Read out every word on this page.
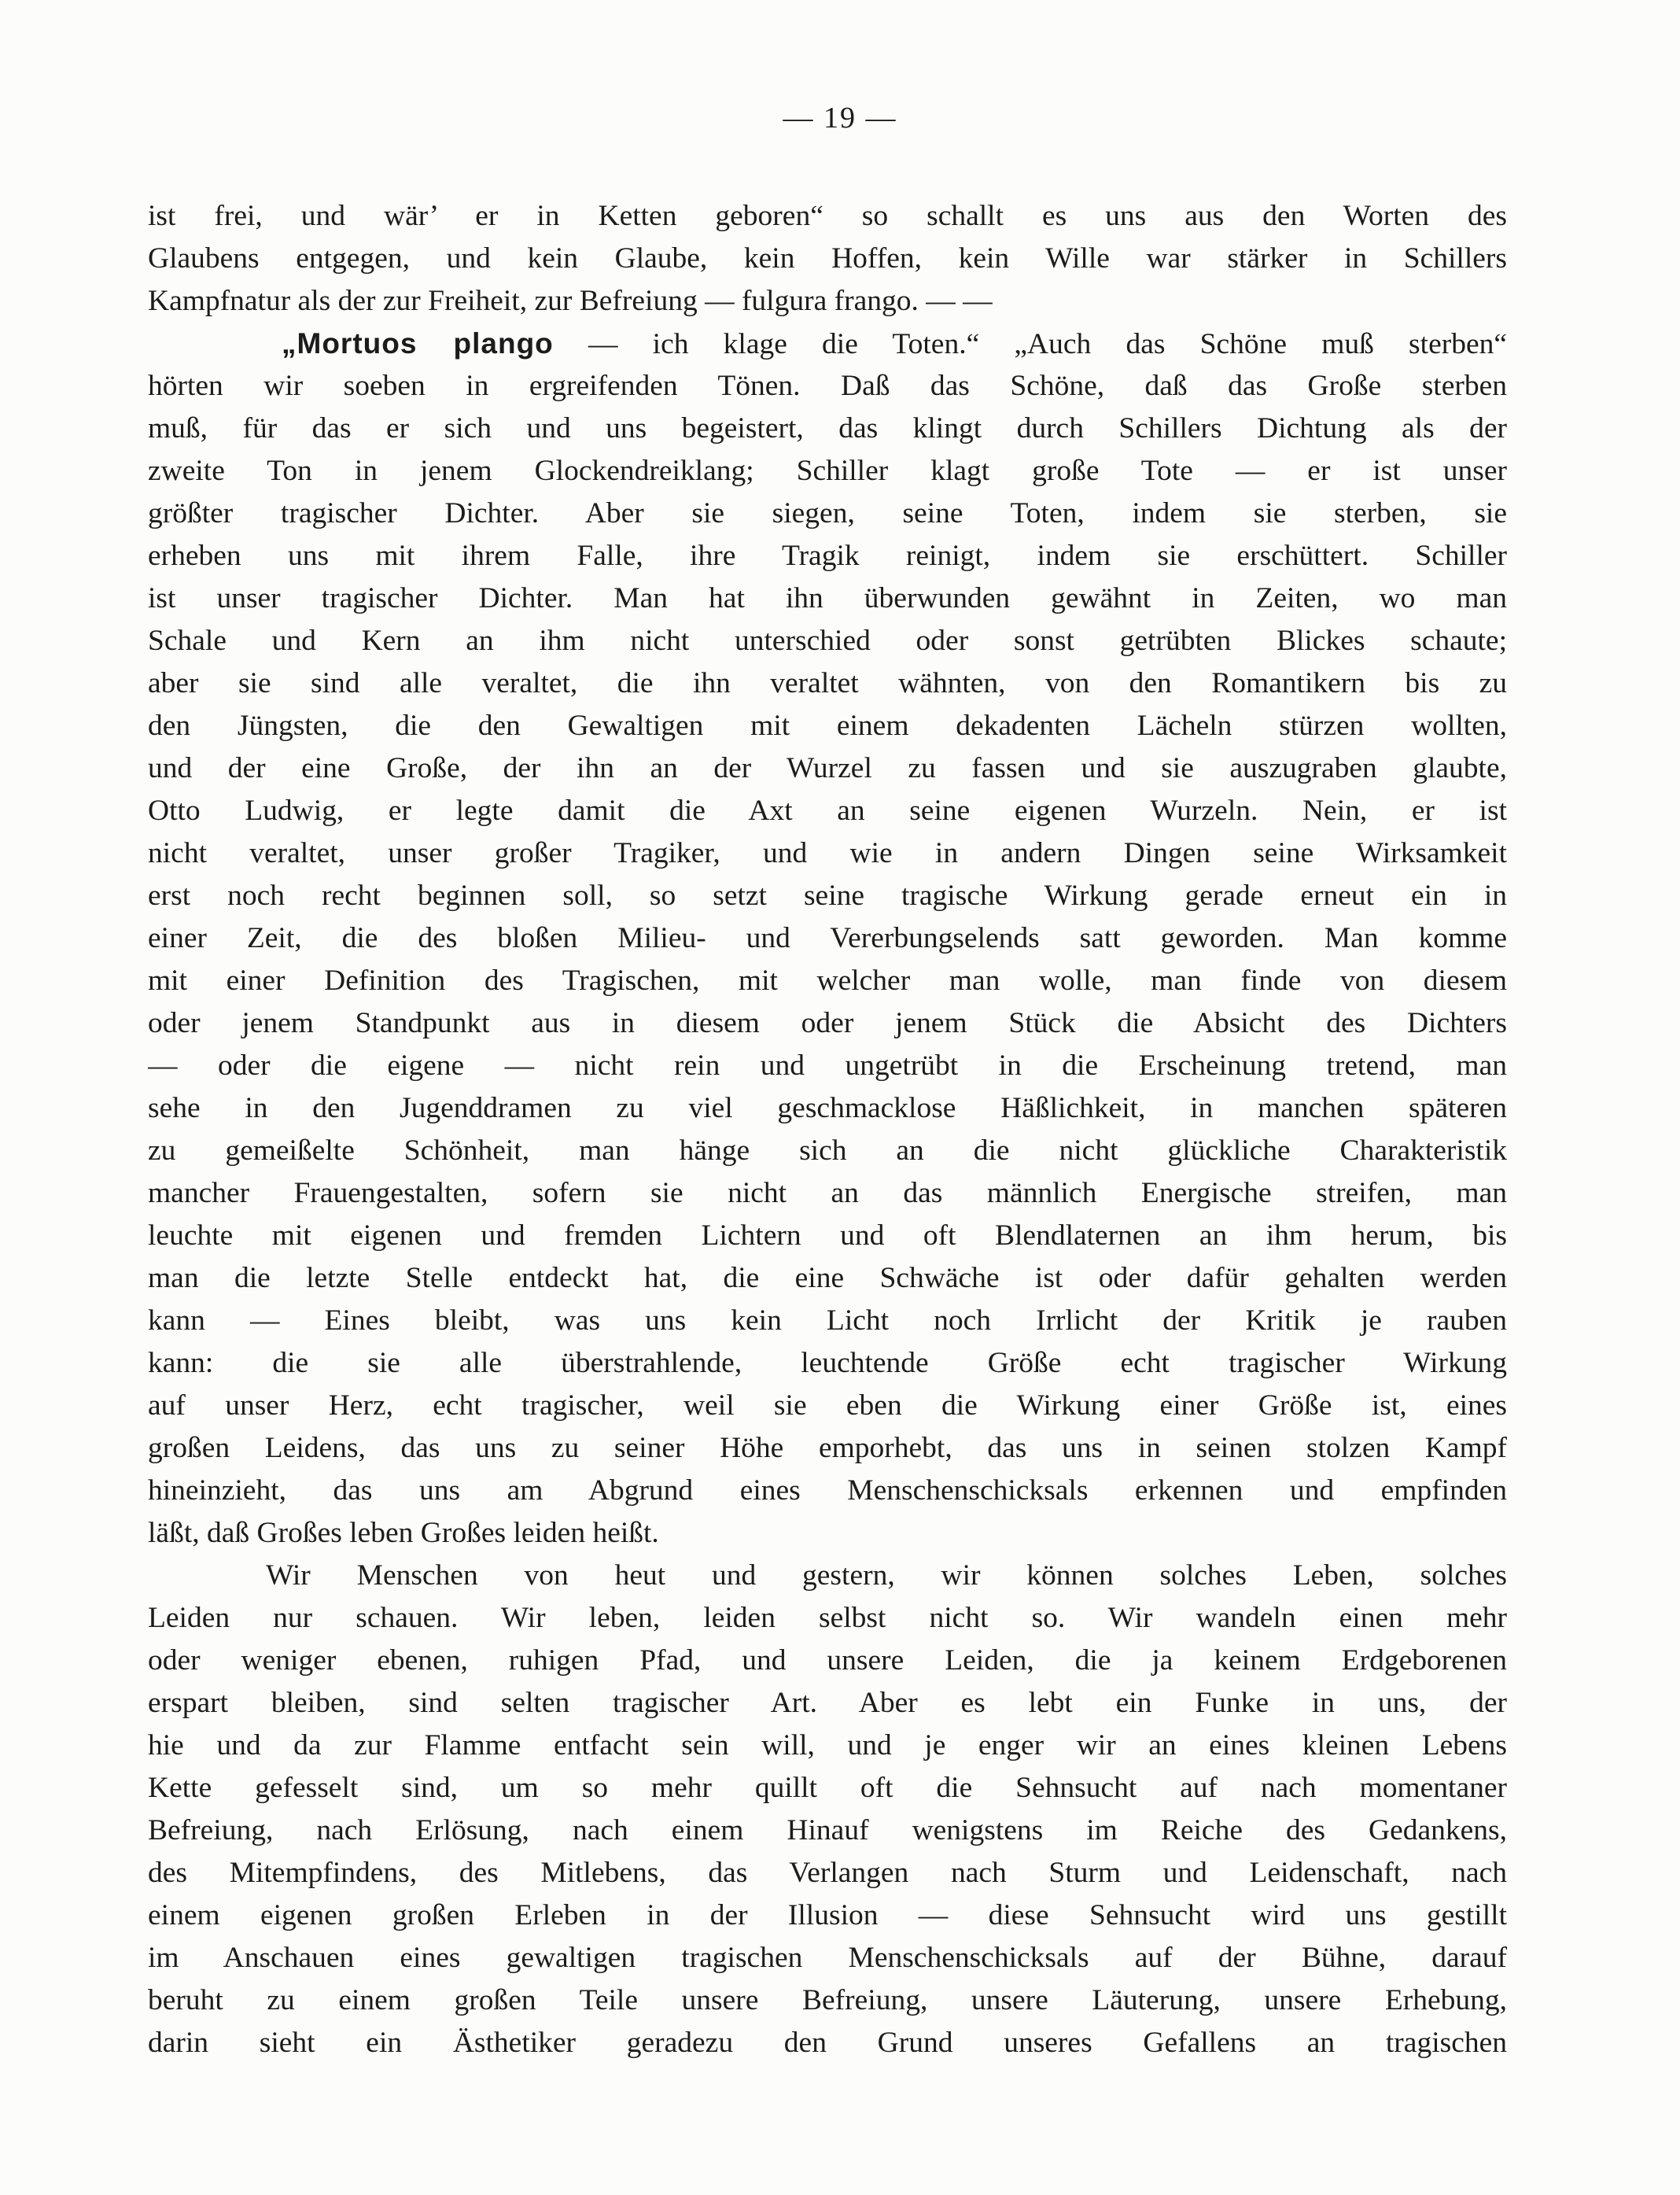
— 19 —
ist frei, und wär’ er in Ketten geboren“ so schallt es uns aus den Worten des
Glaubens entgegen, und kein Glaube, kein Hoffen, kein Wille war stärker in Schillers
Kampfnatur als der zur Freiheit, zur Befreiung — fulgura frango. — —
„Mortuos plango — ich klage die Toten.“ „Auch das Schöne muß sterben“
hörten wir soeben in ergreifenden Tönen. Daß das Schöne, daß das Große sterben
muß, für das er sich und uns begeistert, das klingt durch Schillers Dichtung als der
zweite Ton in jenem Glockendreiklang; Schiller klagt große Tote — er ist unser
größter tragischer Dichter. Aber sie siegen, seine Toten, indem sie sterben, sie
erheben uns mit ihrem Falle, ihre Tragik reinigt, indem sie erschüttert. Schiller
ist unser tragischer Dichter. Man hat ihn überwunden gewähnt in Zeiten, wo man
Schale und Kern an ihm nicht unterschied oder sonst getrübten Blickes schaute;
aber sie sind alle veraltet, die ihn veraltet wähnten, von den Romantikern bis zu
den Jüngsten, die den Gewaltigen mit einem dekadenten Lächeln stürzen wollten,
und der eine Große, der ihn an der Wurzel zu fassen und sie auszugraben glaubte,
Otto Ludwig, er legte damit die Axt an seine eigenen Wurzeln. Nein, er ist
nicht veraltet, unser großer Tragiker, und wie in andern Dingen seine Wirksamkeit
erst noch recht beginnen soll, so setzt seine tragische Wirkung gerade erneut ein in
einer Zeit, die des bloßen Milieu- und Vererbungselends satt geworden. Man komme
mit einer Definition des Tragischen, mit welcher man wolle, man finde von diesem
oder jenem Standpunkt aus in diesem oder jenem Stück die Absicht des Dichters
— oder die eigene — nicht rein und ungetrübt in die Erscheinung tretend, man
sehe in den Jugenddramen zu viel geschmacklose Häßlichkeit, in manchen späteren
zu gemeißelte Schönheit, man hänge sich an die nicht glückliche Charakteristik
mancher Frauengestalten, sofern sie nicht an das männlich Energische streifen, man
leuchte mit eigenen und fremden Lichtern und oft Blendlaternen an ihm herum, bis
man die letzte Stelle entdeckt hat, die eine Schwäche ist oder dafür gehalten werden
kann — Eines bleibt, was uns kein Licht noch Irrlicht der Kritik je rauben
kann: die sie alle überstrahlende, leuchtende Größe echt tragischer Wirkung
auf unser Herz, echt tragischer, weil sie eben die Wirkung einer Größe ist, eines
großen Leidens, das uns zu seiner Höhe emporhebt, das uns in seinen stolzen Kampf
hineinzieht, das uns am Abgrund eines Menschenschicksals erkennen und empfinden
läßt, daß Großes leben Großes leiden heißt.
Wir Menschen von heut und gestern, wir können solches Leben, solches
Leiden nur schauen. Wir leben, leiden selbst nicht so. Wir wandeln einen mehr
oder weniger ebenen, ruhigen Pfad, und unsere Leiden, die ja keinem Erdgeborenen
erspart bleiben, sind selten tragischer Art. Aber es lebt ein Funke in uns, der
hie und da zur Flamme entfacht sein will, und je enger wir an eines kleinen Lebens
Kette gefesselt sind, um so mehr quillt oft die Sehnsucht auf nach momentaner
Befreiung, nach Erlösung, nach einem Hinauf wenigstens im Reiche des Gedankens,
des Mitempfindens, des Mitlebens, das Verlangen nach Sturm und Leidenschaft, nach
einem eigenen großen Erleben in der Illusion — diese Sehnsucht wird uns gestillt
im Anschauen eines gewaltigen tragischen Menschenschicksals auf der Bühne, darauf
beruht zu einem großen Teile unsere Befreiung, unsere Läuterung, unsere Erhebung,
darin sieht ein Ästhetiker geradezu den Grund unseres Gefallens an tragischen
